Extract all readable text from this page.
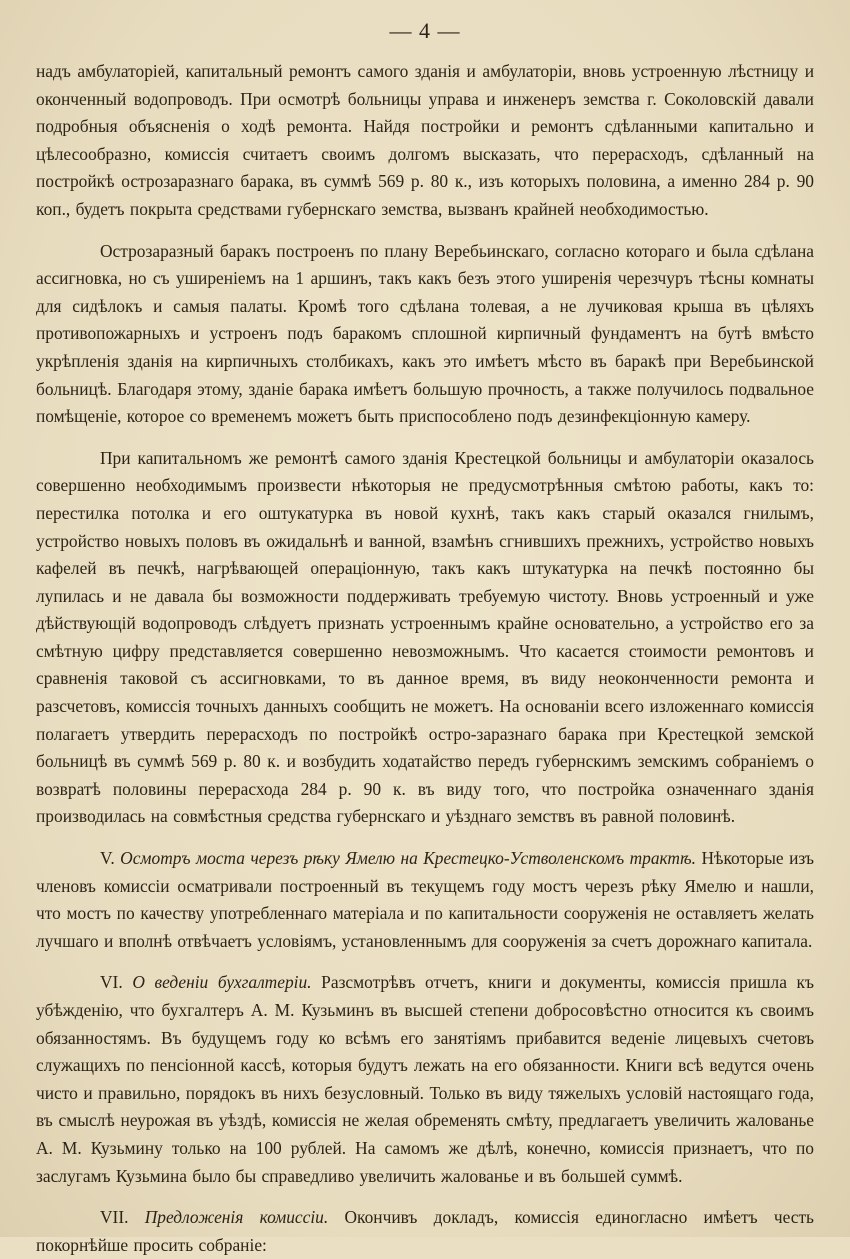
— 4 —

надъ амбулаторіей, капитальный ремонтъ самого зданія и амбулаторіи, вновь устроенную лѣстницу и оконченный водопроводъ. При осмотрѣ больницы управа и инженеръ земства г. Соколовскій давали подробныя объясненія о ходѣ ремонта. Найдя постройки и ремонтъ сдѣланными капитально и цѣлесообразно, комиссія считаетъ своимъ долгомъ высказать, что перерасходъ, сдѣланный на постройкѣ острозаразнаго барака, въ суммѣ 569 р. 80 к., изъ которыхъ половина, а именно 284 р. 90 коп., будетъ покрыта средствами губернскаго земства, вызванъ крайней необходимостью.

Острозаразный баракъ построенъ по плану Веребьинскаго, согласно котораго и была сдѣлана ассигновка, но съ уширеніемъ на 1 аршинъ, такъ какъ безъ этого уширенія черезчуръ тѣсны комнаты для сидѣлокъ и самыя палаты. Кромѣ того сдѣлана толевая, а не лучиковая крыша въ цѣляхъ противопожарныхъ и устроенъ подъ баракомъ сплошной кирпичный фундаментъ на бутѣ вмѣсто укрѣпленія зданія на кирпичныхъ столбикахъ, какъ это имѣетъ мѣсто въ баракѣ при Веребьинской больницѣ. Благодаря этому, зданіе барака имѣетъ большую прочность, а также получилось подвальное помѣщеніе, которое со временемъ можетъ быть приспособлено подъ дезинфекціонную камеру.

При капитальномъ же ремонтѣ самого зданія Крестецкой больницы и амбулаторіи оказалось совершенно необходимымъ произвести нѣкоторыя не предусмотрѣнныя смѣтою работы, какъ то: перестилка потолка и его оштукатурка въ новой кухнѣ, такъ какъ старый оказался гнилымъ, устройство новыхъ половъ въ ожидальнѣ и ванной, взамѣнъ сгнившихъ прежнихъ, устройство новыхъ кафелей въ печкѣ, нагрѣвающей операціонную, такъ какъ штукатурка на печкѣ постоянно бы лупилась и не давала бы возможности поддерживать требуемую чистоту. Вновь устроенный и уже дѣйствующій водопроводъ слѣдуетъ признать устроеннымъ крайне основательно, а устройство его за смѣтную цифру представляется совершенно невозможнымъ. Что касается стоимости ремонтовъ и сравненія таковой съ ассигновками, то въ данное время, въ виду неоконченности ремонта и разсчетовъ, комиссія точныхъ данныхъ сообщить не можетъ. На основаніи всего изложеннаго комиссія полагаетъ утвердить перерасходъ по постройкѣ остро-заразнаго барака при Крестецкой земской больницѣ въ суммѣ 569 р. 80 к. и возбудить ходатайство передъ губернскимъ земскимъ собраніемъ о возвратѣ половины перерасхода 284 р. 90 к. въ виду того, что постройка означеннаго зданія производилась на совмѣстныя средства губернскаго и уѣзднаго земствъ въ равной половинѣ.

V. Осмотръ моста черезъ рѣку Ямелю на Крестецко-Устволенскомъ трактѣ. Нѣкоторые изъ членовъ комиссіи осматривали построенный въ текущемъ году мостъ черезъ рѣку Ямелю и нашли, что мостъ по качеству употребленнаго матеріала и по капитальности сооруженія не оставляетъ желать лучшаго и вполнѣ отвѣчаетъ условіямъ, установленнымъ для сооруженія за счетъ дорожнаго капитала.

VI. О веденіи бухгалтеріи. Разсмотрѣвъ отчетъ, книги и документы, комиссія пришла къ убѣжденію, что бухгалтеръ А. М. Кузьминъ въ высшей степени добросовѣстно относится къ своимъ обязанностямъ. Въ будущемъ году ко всѣмъ его занятіямъ прибавится веденіе лицевыхъ счетовъ служащихъ по пенсіонной кассѣ, которыя будутъ лежать на его обязанности. Книги всѣ ведутся очень чисто и правильно, порядокъ въ нихъ безусловный. Только въ виду тяжелыхъ условій настоящаго года, въ смыслѣ неурожая въ уѣздѣ, комиссія не желая обременять смѣту, предлагаетъ увеличить жалованье А. М. Кузьмину только на 100 рублей. На самомъ же дѣлѣ, конечно, комиссія признаетъ, что по заслугамъ Кузьмина было бы справедливо увеличить жалованье и въ большей суммѣ.

VII. Предложенія комиссіи. Окончивъ докладъ, комиссія единогласно имѣетъ честь покорнѣйше просить собраніе:
